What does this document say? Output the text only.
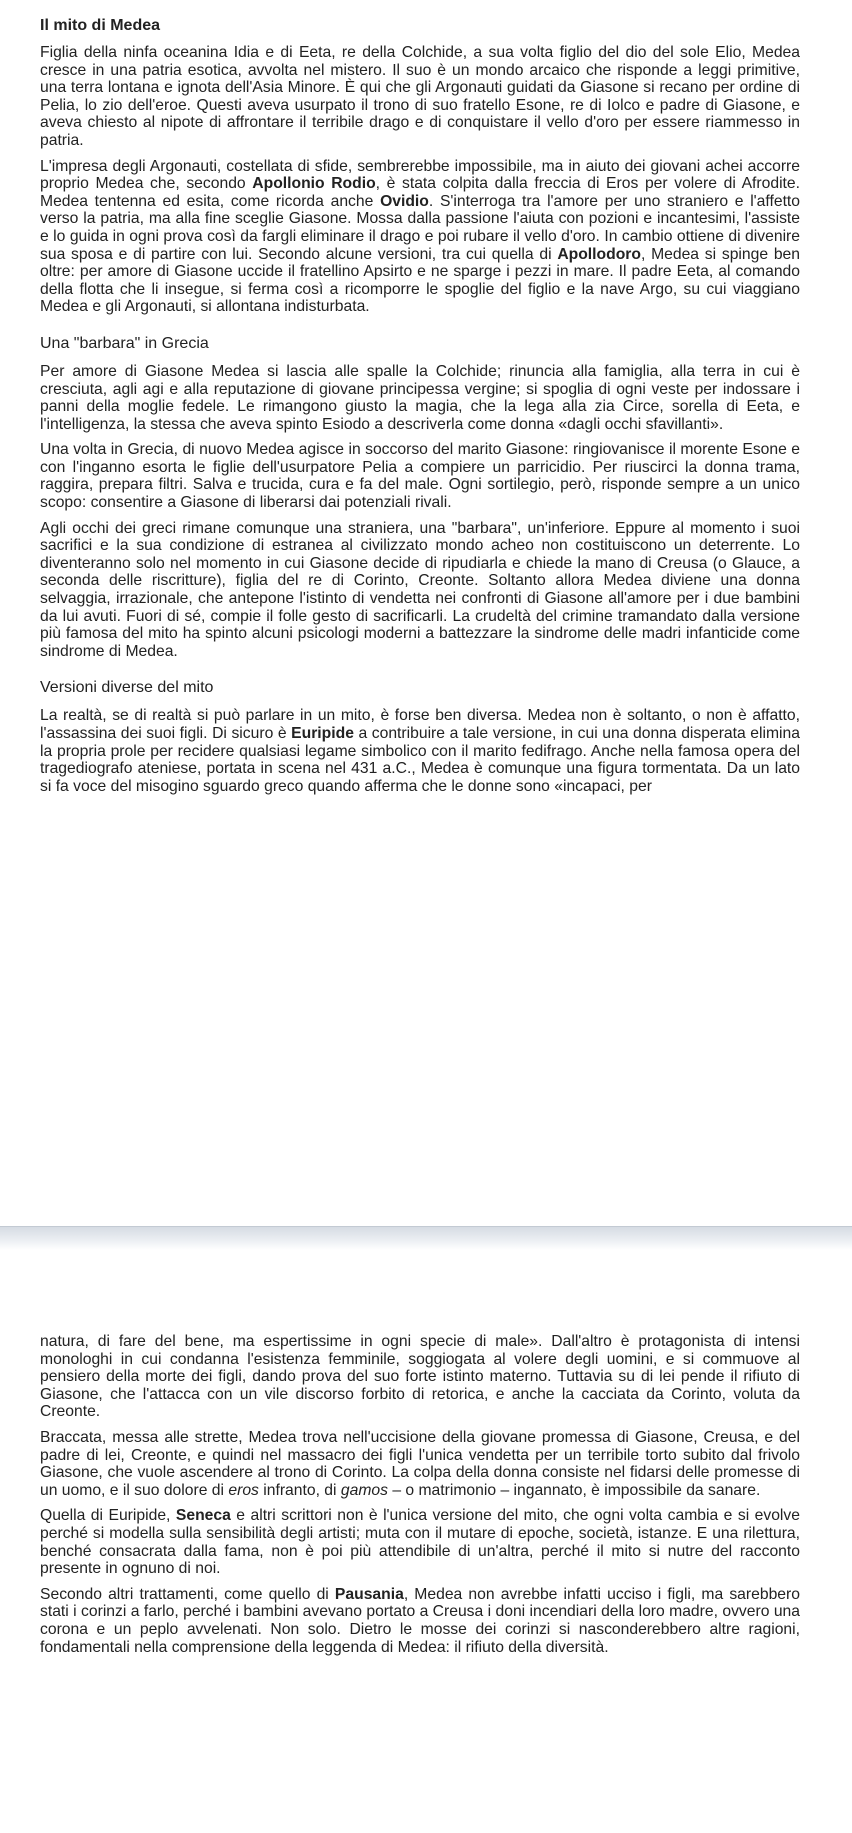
Il mito di Medea

Figlia della ninfa oceanina Idia e di Eeta, re della Colchide, a sua volta figlio del dio del sole Elio, Medea cresce in una patria esotica, avvolta nel mistero. Il suo è un mondo arcaico che risponde a leggi primitive, una terra lontana e ignota dell'Asia Minore. È qui che gli Argonauti guidati da Giasone si recano per ordine di Pelia, lo zio dell'eroe. Questi aveva usurpato il trono di suo fratello Esone, re di Iolco e padre di Giasone, e aveva chiesto al nipote di affrontare il terribile drago e di conquistare il vello d'oro per essere riammesso in patria.

L'impresa degli Argonauti, costellata di sfide, sembrerebbe impossibile, ma in aiuto dei giovani achei accorre proprio Medea che, secondo Apollonio Rodio, è stata colpita dalla freccia di Eros per volere di Afrodite. Medea tentenna ed esita, come ricorda anche Ovidio. S'interroga tra l'amore per uno straniero e l'affetto verso la patria, ma alla fine sceglie Giasone. Mossa dalla passione l'aiuta con pozioni e incantesimi, l'assiste e lo guida in ogni prova così da fargli eliminare il drago e poi rubare il vello d'oro. In cambio ottiene di divenire sua sposa e di partire con lui. Secondo alcune versioni, tra cui quella di Apollodoro, Medea si spinge ben oltre: per amore di Giasone uccide il fratellino Apsirto e ne sparge i pezzi in mare. Il padre Eeta, al comando della flotta che li insegue, si ferma così a ricomporre le spoglie del figlio e la nave Argo, su cui viaggiano Medea e gli Argonauti, si allontana indisturbata.

Una "barbara" in Grecia

Per amore di Giasone Medea si lascia alle spalle la Colchide; rinuncia alla famiglia, alla terra in cui è cresciuta, agli agi e alla reputazione di giovane principessa vergine; si spoglia di ogni veste per indossare i panni della moglie fedele. Le rimangono giusto la magia, che la lega alla zia Circe, sorella di Eeta, e l'intelligenza, la stessa che aveva spinto Esiodo a descriverla come donna «dagli occhi sfavillanti».

Una volta in Grecia, di nuovo Medea agisce in soccorso del marito Giasone: ringiovanisce il morente Esone e con l'inganno esorta le figlie dell'usurpatore Pelia a compiere un parricidio. Per riuscirci la donna trama, raggira, prepara filtri. Salva e trucida, cura e fa del male. Ogni sortilegio, però, risponde sempre a un unico scopo: consentire a Giasone di liberarsi dai potenziali rivali.

Agli occhi dei greci rimane comunque una straniera, una "barbara", un'inferiore. Eppure al momento i suoi sacrifici e la sua condizione di estranea al civilizzato mondo acheo non costituiscono un deterrente. Lo diventeranno solo nel momento in cui Giasone decide di ripudiarla e chiede la mano di Creusa (o Glauce, a seconda delle riscritture), figlia del re di Corinto, Creonte. Soltanto allora Medea diviene una donna selvaggia, irrazionale, che antepone l'istinto di vendetta nei confronti di Giasone all'amore per i due bambini da lui avuti. Fuori di sé, compie il folle gesto di sacrificarli. La crudeltà del crimine tramandato dalla versione più famosa del mito ha spinto alcuni psicologi moderni a battezzare la sindrome delle madri infanticide come sindrome di Medea.

Versioni diverse del mito

La realtà, se di realtà si può parlare in un mito, è forse ben diversa. Medea non è soltanto, o non è affatto, l'assassina dei suoi figli. Di sicuro è Euripide a contribuire a tale versione, in cui una donna disperata elimina la propria prole per recidere qualsiasi legame simbolico con il marito fedifrago. Anche nella famosa opera del tragediografo ateniese, portata in scena nel 431 a.C., Medea è comunque una figura tormentata. Da un lato si fa voce del misogino sguardo greco quando afferma che le donne sono «incapaci, per

natura, di fare del bene, ma espertissime in ogni specie di male». Dall'altro è protagonista di intensi monologhi in cui condanna l'esistenza femminile, soggiogata al volere degli uomini, e si commuove al pensiero della morte dei figli, dando prova del suo forte istinto materno. Tuttavia su di lei pende il rifiuto di Giasone, che l'attacca con un vile discorso forbito di retorica, e anche la cacciata da Corinto, voluta da Creonte.

Braccata, messa alle strette, Medea trova nell'uccisione della giovane promessa di Giasone, Creusa, e del padre di lei, Creonte, e quindi nel massacro dei figli l'unica vendetta per un terribile torto subito dal frivolo Giasone, che vuole ascendere al trono di Corinto. La colpa della donna consiste nel fidarsi delle promesse di un uomo, e il suo dolore di eros infranto, di gamos – o matrimonio – ingannato, è impossibile da sanare.

Quella di Euripide, Seneca e altri scrittori non è l'unica versione del mito, che ogni volta cambia e si evolve perché si modella sulla sensibilità degli artisti; muta con il mutare di epoche, società, istanze. E una rilettura, benché consacrata dalla fama, non è poi più attendibile di un'altra, perché il mito si nutre del racconto presente in ognuno di noi.

Secondo altri trattamenti, come quello di Pausania, Medea non avrebbe infatti ucciso i figli, ma sarebbero stati i corinzi a farlo, perché i bambini avevano portato a Creusa i doni incendiari della loro madre, ovvero una corona e un peplo avvelenati. Non solo. Dietro le mosse dei corinzi si nasconderebbero altre ragioni, fondamentali nella comprensione della leggenda di Medea: il rifiuto della diversità.
